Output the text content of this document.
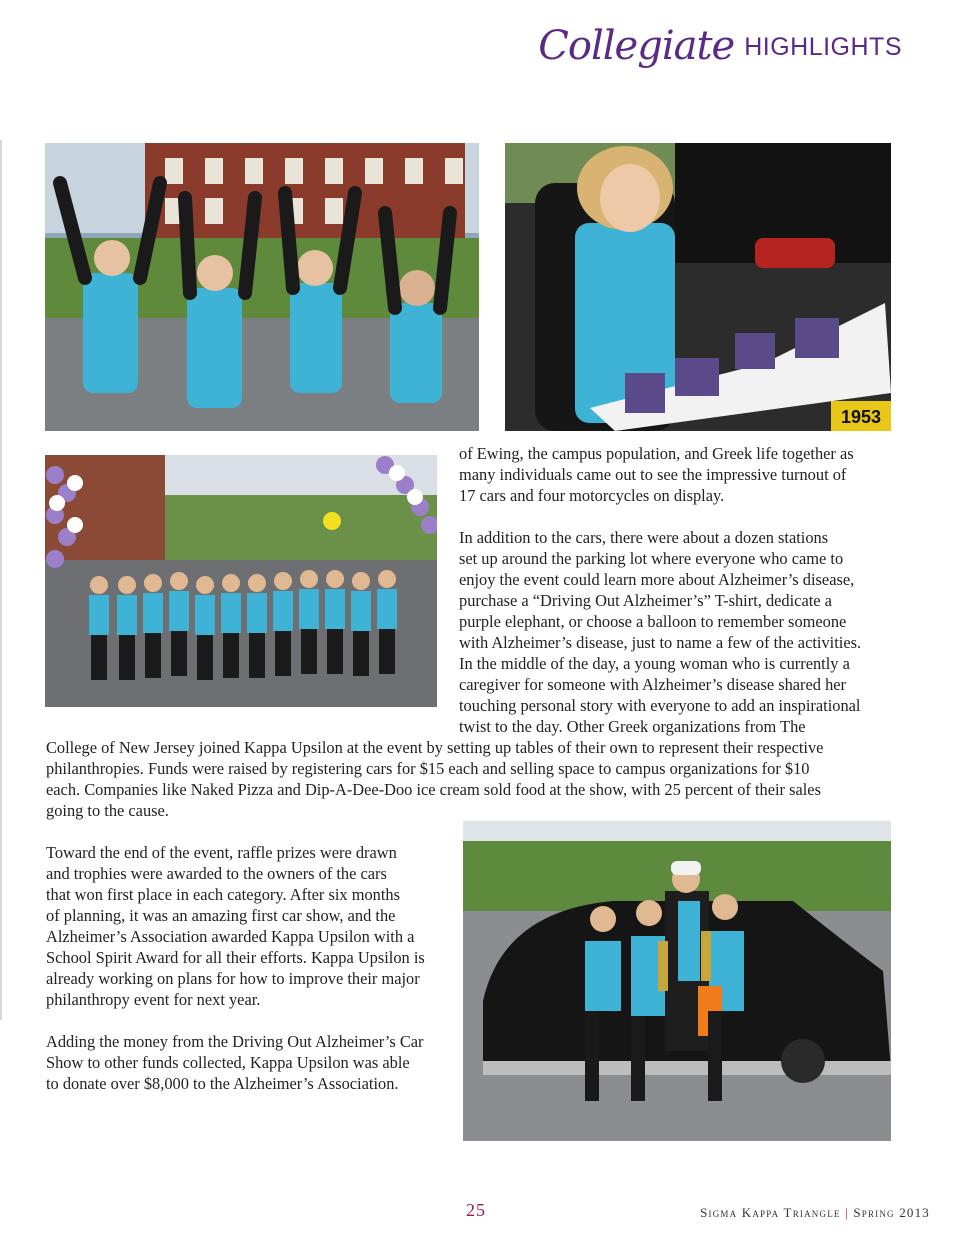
Collegiate HIGHLIGHTS
1953

of Ewing, the campus population, and Greek life together as

many individuals came out to see the impressive turnout of

17 cars and four motorcycles on display.

In addition to the cars, there were about a dozen stations

set up around the parking lot where everyone who came to

enjoy the event could learn more about Alzheimer’s disease,

purchase a “Driving Out Alzheimer’s” T-shirt, dedicate a

purple elephant, or choose a balloon to remember someone

with Alzheimer’s disease, just to name a few of the activities.

In the middle of the day, a young woman who is currently a

caregiver for someone with Alzheimer’s disease shared her

touching personal story with everyone to add an inspirational

twist to the day. Other Greek organizations from The

College of New Jersey joined Kappa Upsilon at the event by setting up tables of their own to represent their respective

philanthropies. Funds were raised by registering cars for $15 each and selling space to campus organizations for $10

each. Companies like Naked Pizza and Dip-A-Dee-Doo ice cream sold food at the show, with 25 percent of their sales

going to the cause.

Toward the end of the event, raffle prizes were drawn

and trophies were awarded to the owners of the cars

that won first place in each category. After six months

of planning, it was an amazing first car show, and the

Alzheimer’s Association awarded Kappa Upsilon with a

School Spirit Award for all their efforts. Kappa Upsilon is

already working on plans for how to improve their major

philanthropy event for next year.

Adding the money from the Driving Out Alzheimer’s Car

Show to other funds collected, Kappa Upsilon was able

to donate over $8,000 to the Alzheimer’s Association.

25	Sigma Kappa Triangle | Spring 2013
